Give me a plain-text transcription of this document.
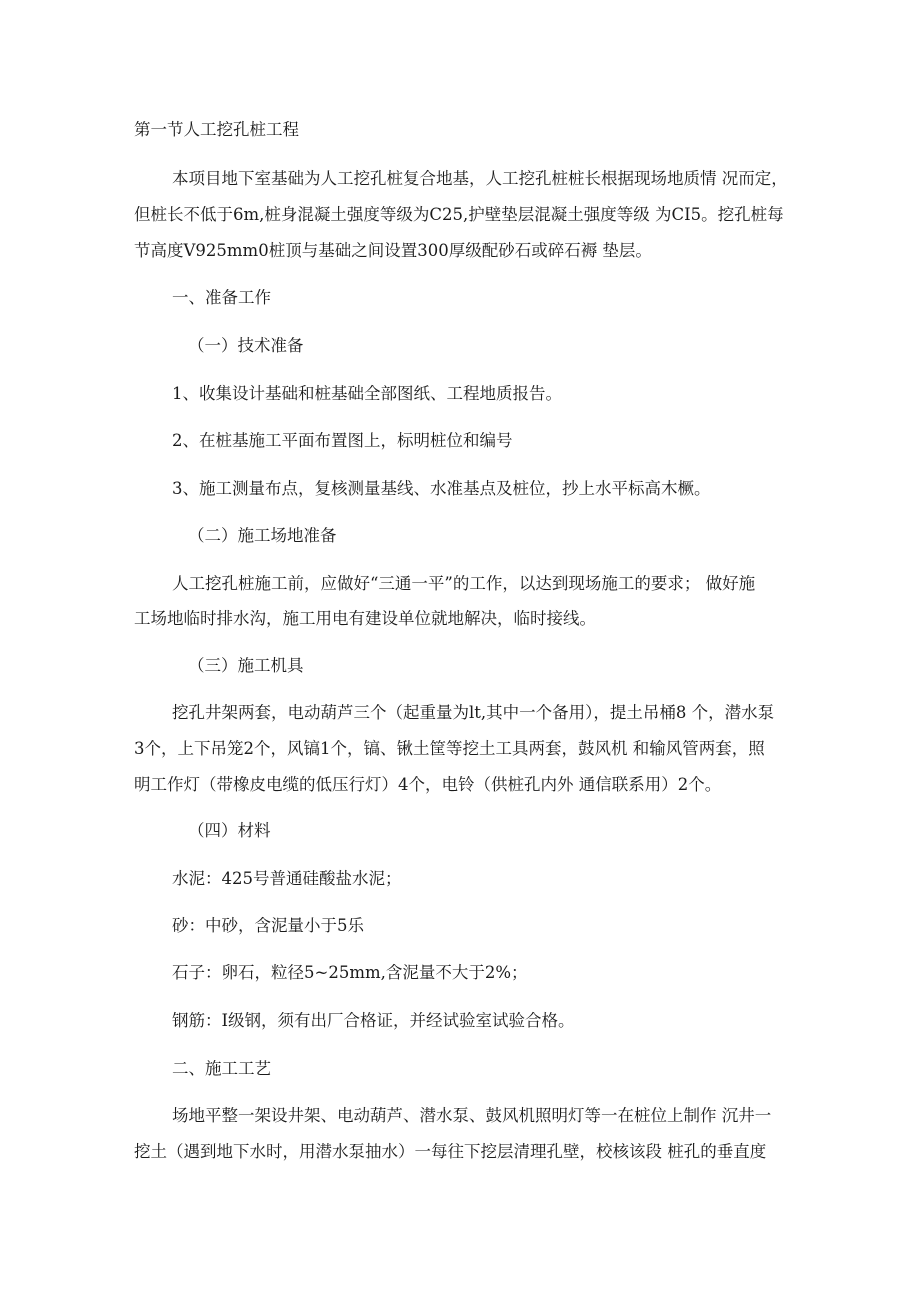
第一节人工挖孔桩工程

本项目地下室基础为人工挖孔桩复合地基，人工挖孔桩桩长根据现场地质情 况而定，

但桩长不低于6m,桩身混凝土强度等级为C25,护壁垫层混凝土强度等级 为CI5。挖孔桩每

节高度V925mm0桩顶与基础之间设置300厚级配砂石或碎石褥 垫层。

一、准备工作

（一）技术准备

1、收集设计基础和桩基础全部图纸、工程地质报告。

2、在桩基施工平面布置图上，标明桩位和编号

3、施工测量布点，复核测量基线、水准基点及桩位，抄上水平标高木橛。

（二）施工场地准备

人工挖孔桩施工前，应做好“三通一平”的工作，以达到现场施工的要求； 做好施

工场地临时排水沟，施工用电有建设单位就地解决，临时接线。

（三）施工机具

挖孔井架两套，电动葫芦三个（起重量为lt,其中一个备用），提土吊桶8 个，潜水泵

3个，上下吊笼2个，风镐1个，镐、锹土筐等挖土工具两套，鼓风机 和输风管两套，照

明工作灯（带橡皮电缆的低压行灯）4个，电铃（供桩孔内外 通信联系用）2个。

（四）材料

水泥：425号普通硅酸盐水泥；

砂：中砂，含泥量小于5乐

石子：卵石，粒径5~25mm,含泥量不大于2%；

钢筋：I级钢，须有出厂合格证，并经试验室试验合格。

二、施工工艺

场地平整一架设井架、电动葫芦、潜水泵、鼓风机照明灯等一在桩位上制作 沉井一

挖土（遇到地下水时，用潜水泵抽水）一每往下挖层清理孔壁，校核该段 桩孔的垂直度
